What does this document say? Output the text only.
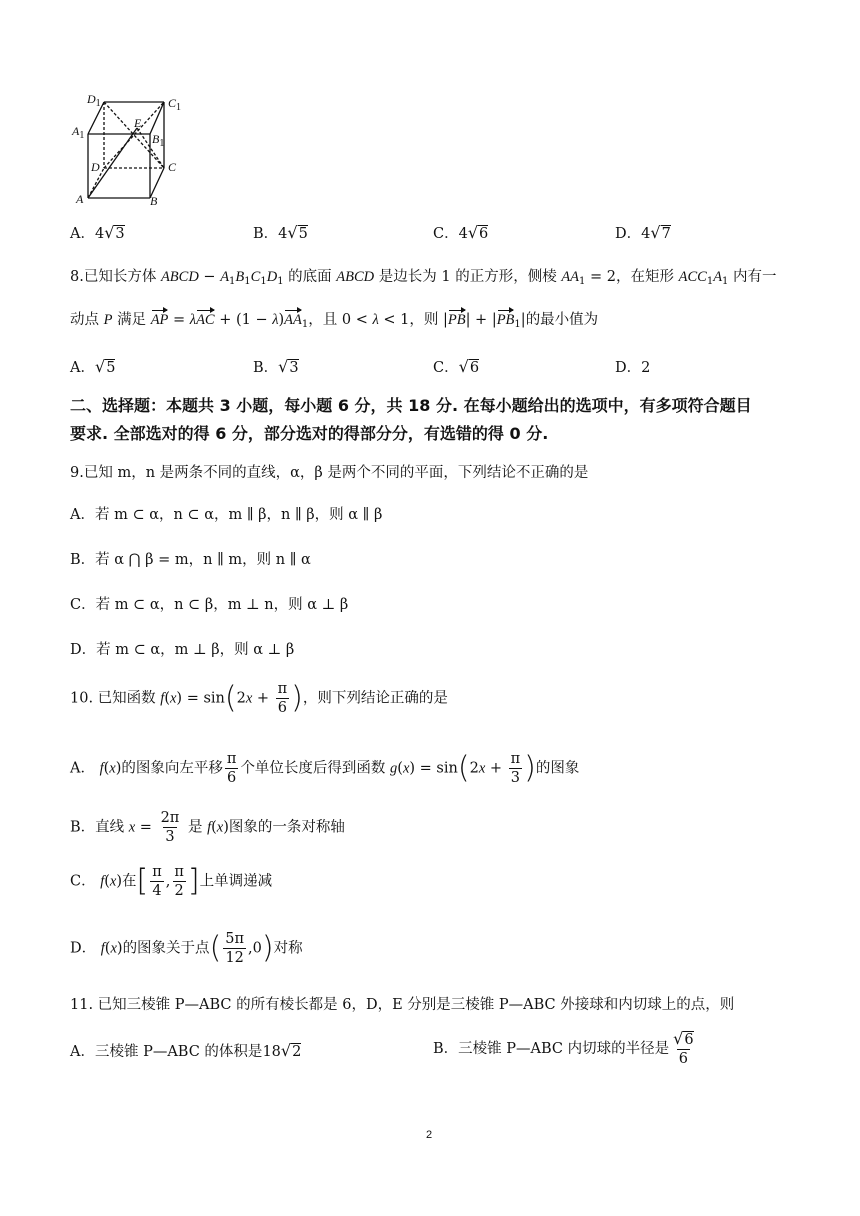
$D_1$	$C_1$
$A_1$
E
$B_1$
D	C
A	B
A．4√3	B．4√5	C．4√6	D．4√7
8.已知长方体 ABCD − $A_1B_1C_1D_1$ 的底面 ABCD 是边长为 1 的正方形，侧棱 $AA_1 = 2$，在矩形 $ACC_1A_1$ 内有一
动点 P 满足 AP = $\lambda AC + (1 - \lambda)AA_1$，且 0 < λ < 1，则 $|PB| + |PB_1|$的最小值为
A．√5	B．√3	C．√6	D．2
二、选择题：本题共 3 小题，每小题 6 分，共 18 分. 在每小题给出的选项中，有多项符合题目
要求. 全部选对的得 6 分，部分选对的得部分分，有选错的得 0 分.
9.已知 m，n 是两条不同的直线，α，β 是两个不同的平面，下列结论不正确的是
A．若 m ⊂ α，n ⊂ α，m ∥ β，n ∥ β，则 α ∥ β
B．若 α ⋂ β = m，n ∥ m，则 n ∥ α
C．若 m ⊂ α，n ⊂ β，m ⊥ n，则 α ⊥ β
D．若 m ⊂ α，m ⊥ β，则 α ⊥ β
10. 已知函数 $f(x) = \sin(2x + \frac{\pi}{6}$ )，则下列结论正确的是
A． f(x)的图象向左平移 $\frac{\pi}{6}$ 个单位长度后得到函数 $g(x) = \sin(2x + \frac{\pi}{3}$ )的图象
B．直线 $x = \frac{2\pi}{3}$ 是 f(x)图象的一条对称轴
C． f(x)在[ $\frac{\pi}{4}$ , $\frac{\pi}{2}$ ]上单调递减
D． f(x)的图象关于点( $\frac{5\pi}{12} ,0$)对称
11. 已知三棱锥 P—ABC 的所有棱长都是 6，D，E 分别是三棱锥 P—ABC 外接球和内切球上的点，则
A．三棱锥 P—ABC 的体积是18√2	B．三棱锥 P—ABC 内切球的半径是 $\frac{√6}{6}$
2
